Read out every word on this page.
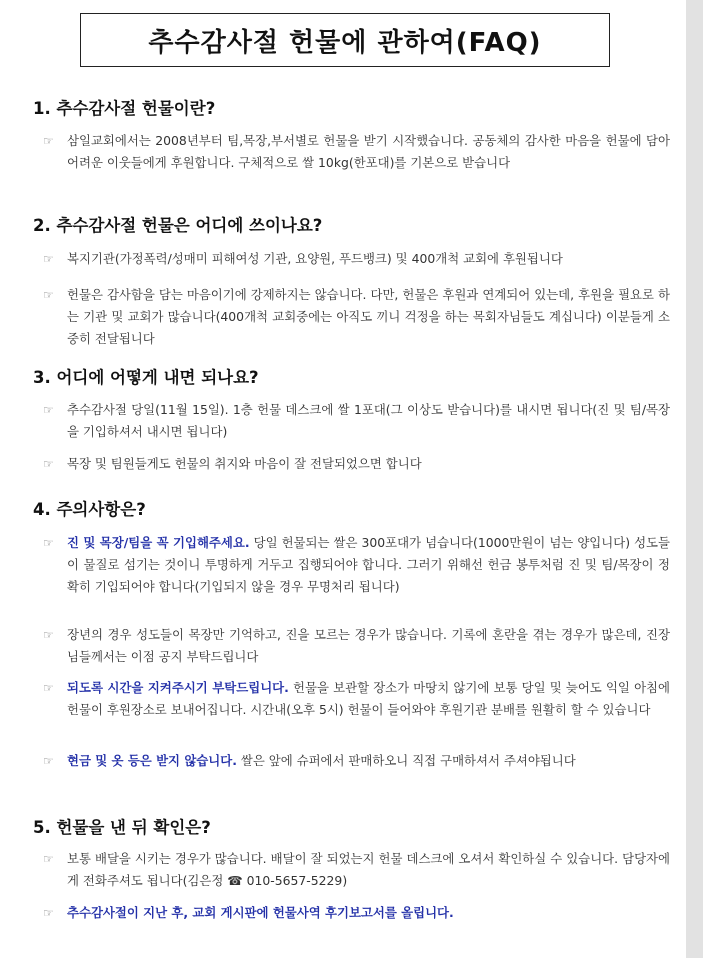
추수감사절 헌물에 관하여(FAQ)
1. 추수감사절 헌물이란?
☞	삼일교회에서는 2008년부터 팀,목장,부서별로 헌물을 받기 시작했습니다. 공동체의 감사한 마음을 헌물에 담아 어려운 이웃들에게 후원합니다. 구체적으로 쌀 10kg(한포대)를 기본으로 받습니다
2. 추수감사절 헌물은 어디에 쓰이나요?
☞	복지기관(가정폭력/성매미 피해여성 기관, 요양원, 푸드뱅크) 및 400개척 교회에 후원됩니다
☞	헌물은 감사함을 담는 마음이기에 강제하지는 않습니다. 다만, 헌물은 후원과 연계되어 있는데, 후원을 필요로 하는 기관 및 교회가 많습니다(400개척 교회중에는 아직도 끼니 걱정을 하는 목회자님들도 계십니다) 이분들게 소중히 전달됩니다
3. 어디에 어떻게 내면 되나요?
☞	추수감사절 당일(11월 15일). 1층 헌물 데스크에 쌀 1포대(그 이상도 받습니다)를 내시면 됩니다(진 및 팀/목장을 기입하셔서 내시면 됩니다)
☞	목장 및 팀원들게도 헌물의 취지와 마음이 잘 전달되었으면 합니다
4. 주의사항은?
☞	진 및 목장/팀을 꼭 기입해주세요. 당일 헌물되는 쌀은 300포대가 넘습니다(1000만원이 넘는 양입니다) 성도들이 물질로 섬기는 것이니 투명하게 거두고 집행되어야 합니다. 그러기 위해선 헌금 봉투처럼 진 및 팀/목장이 정확히 기입되어야 합니다(기입되지 않을 경우 무명처리 됩니다)
☞	장년의 경우 성도들이 목장만 기억하고, 진을 모르는 경우가 많습니다. 기록에 혼란을 겪는 경우가 많은데, 진장님들께서는 이점 공지 부탁드립니다
☞	되도록 시간을 지켜주시기 부탁드립니다. 헌물을 보관할 장소가 마땅치 않기에 보통 당일 및 늦어도 익일 아침에 헌물이 후원장소로 보내어집니다. 시간내(오후 5시) 헌물이 들어와야 후원기관 분배를 원활히 할 수 있습니다
☞	현금 및 옷 등은 받지 않습니다. 쌀은 앞에 슈퍼에서 판매하오니 직접 구매하셔서 주셔야됩니다
5. 헌물을 낸 뒤 확인은?
☞	보통 배달을 시키는 경우가 많습니다. 배달이 잘 되었는지 헌물 데스크에 오셔서 확인하실 수 있습니다. 담당자에게 전화주셔도 됩니다(김은정 ☎ 010-5657-5229)
☞	추수감사절이 지난 후, 교회 게시판에 헌물사역 후기보고서를 올립니다.
